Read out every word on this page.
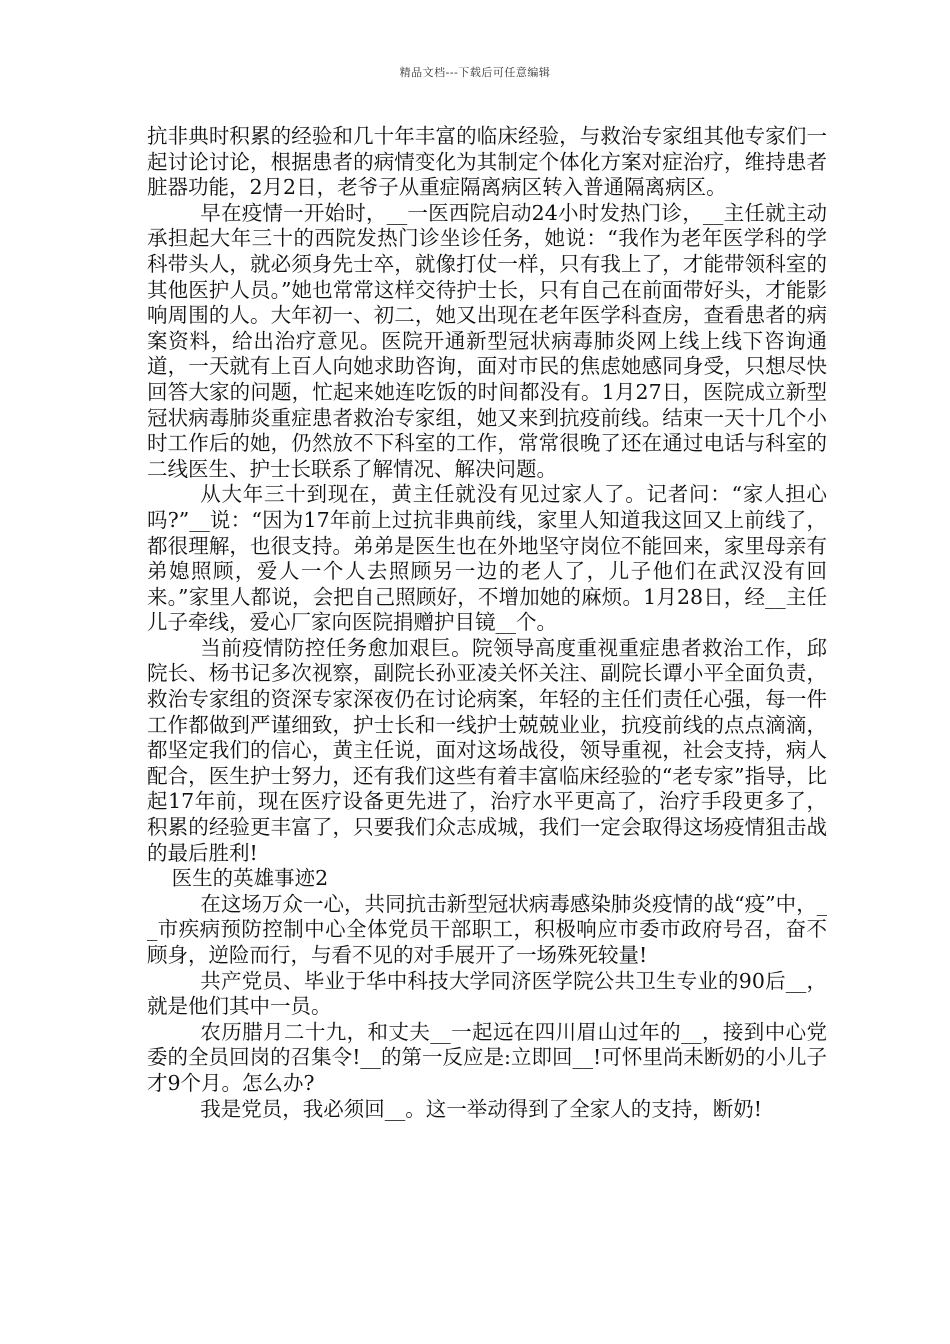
精品文档---下载后可任意编辑

抗非典时积累的经验和几十年丰富的临床经验，与救治专家组其他专家们一起讨论讨论，根据患者的病情变化为其制定个体化方案对症治疗，维持患者脏器功能，2月2日，老爷子从重症隔离病区转入普通隔离病区。

早在疫情一开始时，__一医西院启动24小时发热门诊，__主任就主动承担起大年三十的西院发热门诊坐诊任务，她说：“我作为老年医学科的学科带头人，就必须身先士卒，就像打仗一样，只有我上了，才能带领科室的其他医护人员。”她也常常这样交待护士长，只有自己在前面带好头，才能影响周围的人。大年初一、初二，她又出现在老年医学科查房，查看患者的病案资料，给出治疗意见。医院开通新型冠状病毒肺炎网上线上线下咨询通道，一天就有上百人向她求助咨询，面对市民的焦虑她感同身受，只想尽快回答大家的问题，忙起来她连吃饭的时间都没有。1月27日，医院成立新型冠状病毒肺炎重症患者救治专家组，她又来到抗疫前线。结束一天十几个小时工作后的她，仍然放不下科室的工作，常常很晚了还在通过电话与科室的二线医生、护士长联系了解情况、解决问题。

从大年三十到现在，黄主任就没有见过家人了。记者问：“家人担心吗?”__说：“因为17年前上过抗非典前线，家里人知道我这回又上前线了，都很理解，也很支持。弟弟是医生也在外地坚守岗位不能回来，家里母亲有弟媳照顾，爱人一个人去照顾另一边的老人了，儿子他们在武汉没有回来。”家里人都说，会把自己照顾好，不增加她的麻烦。1月28日，经__主任儿子牵线，爱心厂家向医院捐赠护目镜__个。

当前疫情防控任务愈加艰巨。院领导高度重视重症患者救治工作，邱院长、杨书记多次视察，副院长孙亚凌关怀关注、副院长谭小平全面负责，救治专家组的资深专家深夜仍在讨论病案，年轻的主任们责任心强，每一件工作都做到严谨细致，护士长和一线护士兢兢业业，抗疫前线的点点滴滴，都坚定我们的信心，黄主任说，面对这场战役，领导重视，社会支持，病人配合，医生护士努力，还有我们这些有着丰富临床经验的“老专家”指导，比起17年前，现在医疗设备更先进了，治疗水平更高了，治疗手段更多了，积累的经验更丰富了，只要我们众志成城，我们一定会取得这场疫情狙击战的最后胜利!

医生的英雄事迹2

在这场万众一心，共同抗击新型冠状病毒感染肺炎疫情的战“疫”中，__市疾病预防控制中心全体党员干部职工，积极响应市委市政府号召，奋不顾身，逆险而行，与看不见的对手展开了一场殊死较量!

共产党员、毕业于华中科技大学同济医学院公共卫生专业的90后__，就是他们其中一员。

农历腊月二十九，和丈夫__一起远在四川眉山过年的__，接到中心党委的全员回岗的召集令!__的第一反应是:立即回__!可怀里尚未断奶的小儿子才9个月。怎么办?

我是党员，我必须回__。这一举动得到了全家人的支持，断奶!
